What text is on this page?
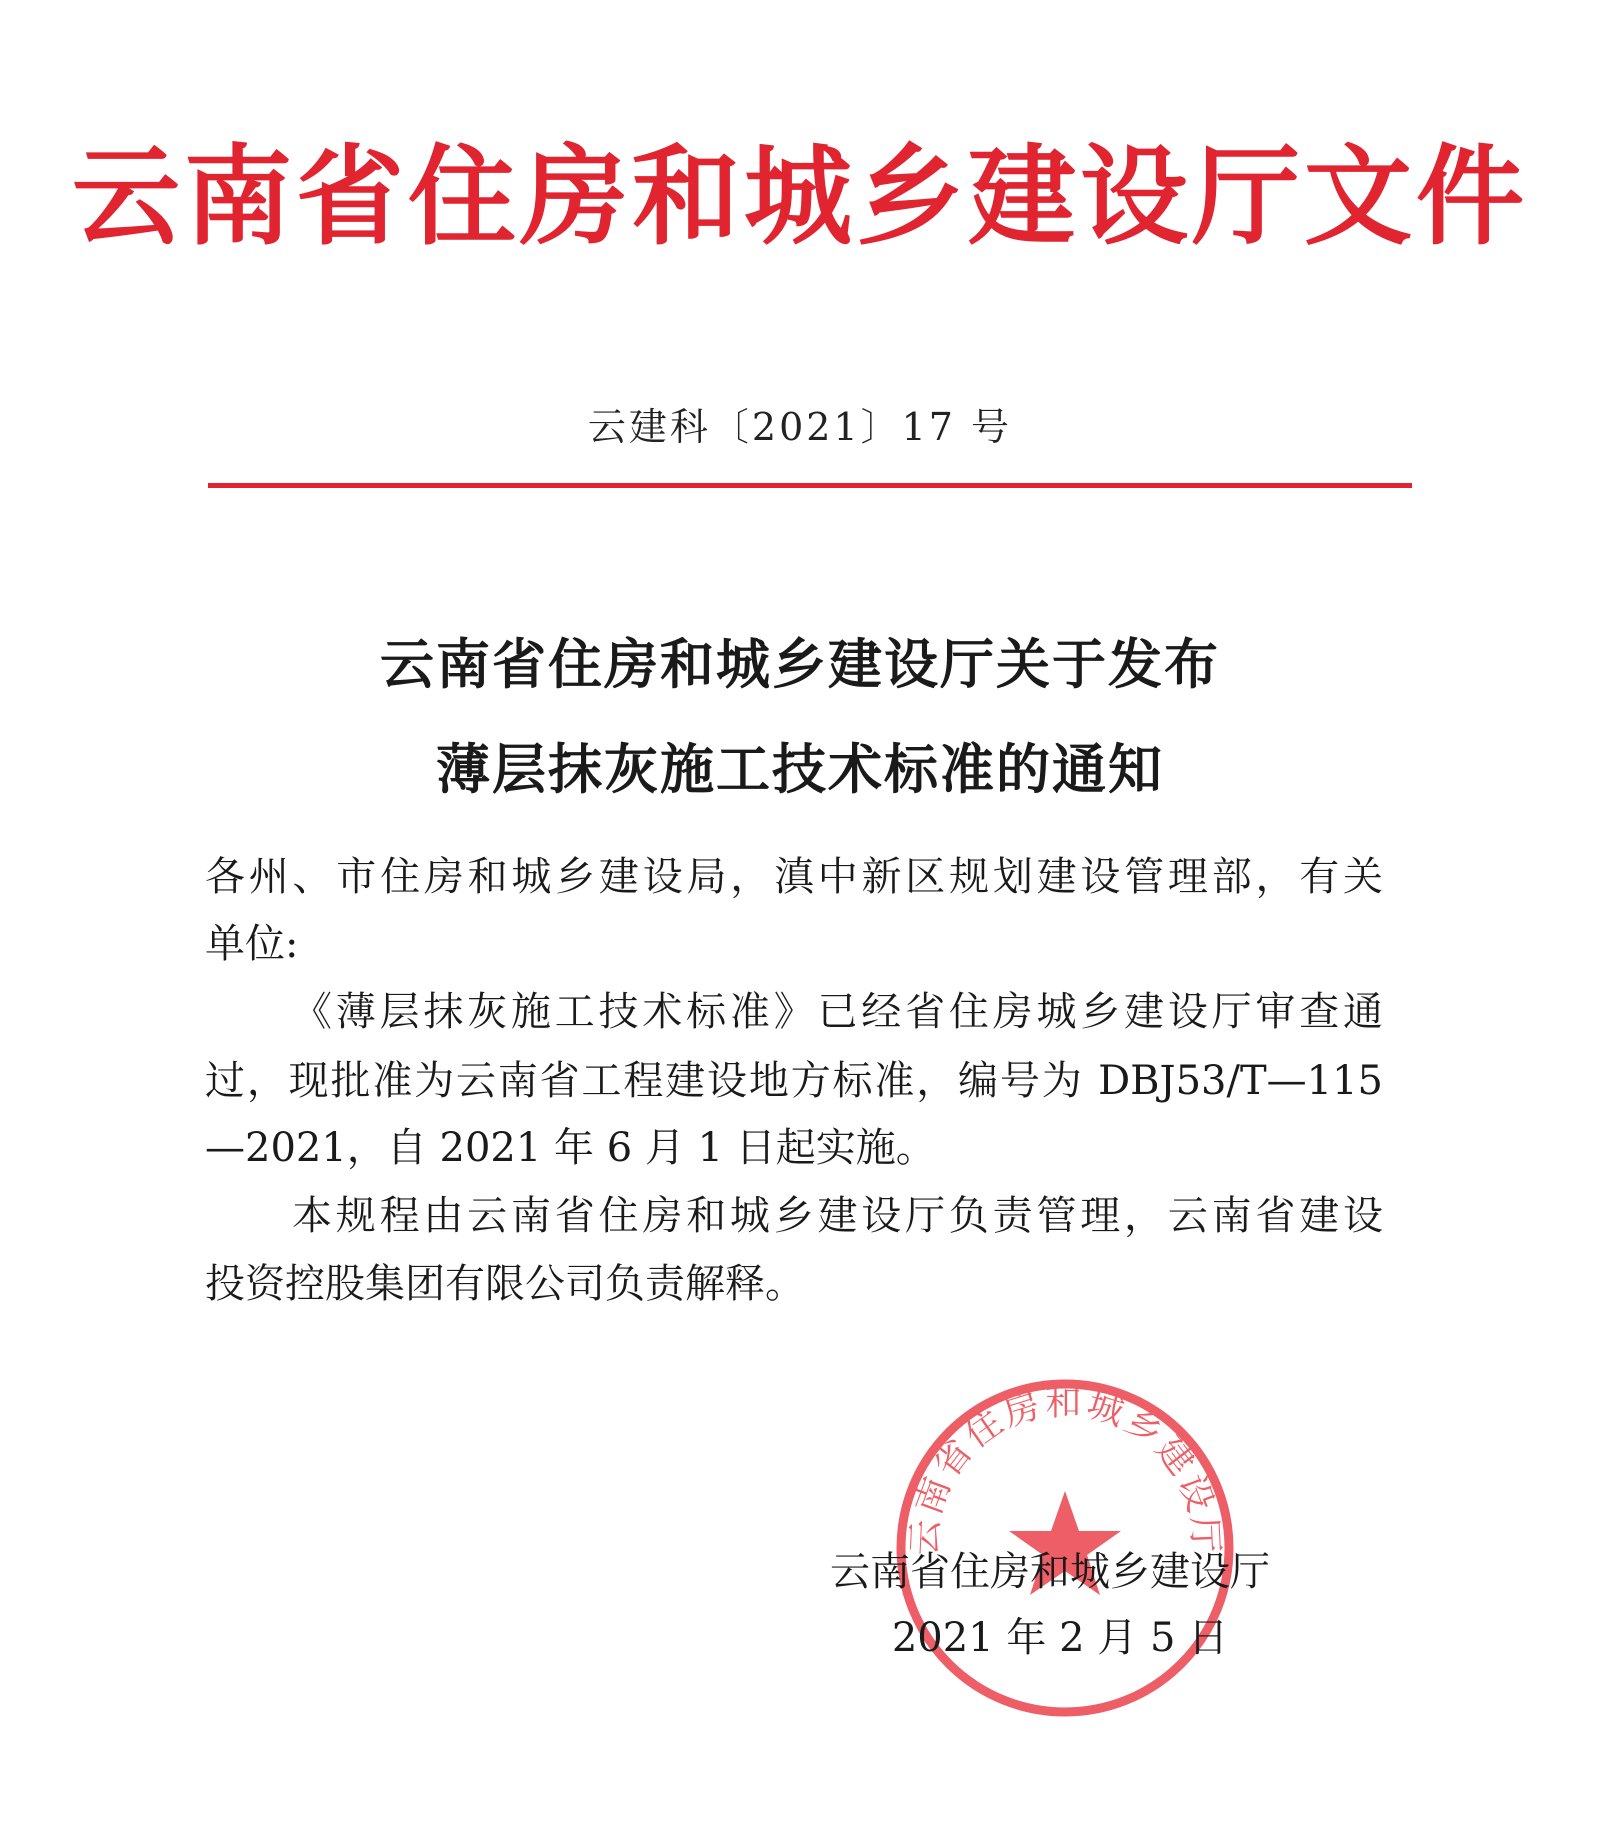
云南省住房和城乡建设厅文件
云建科〔2021〕17 号
云南省住房和城乡建设厅关于发布
薄层抹灰施工技术标准的通知
各州、市住房和城乡建设局，滇中新区规划建设管理部，有关
单位:
《薄层抹灰施工技术标准》已经省住房城乡建设厅审查通
过，现批准为云南省工程建设地方标准，编号为 DBJ53/T—115
—2021，自 2021 年 6 月 1 日起实施。
本规程由云南省住房和城乡建设厅负责管理，云南省建设
投资控股集团有限公司负责解释。
云南省住房和城乡建设厅
云南省住房和城乡建设厅
2021 年 2 月 5 日
